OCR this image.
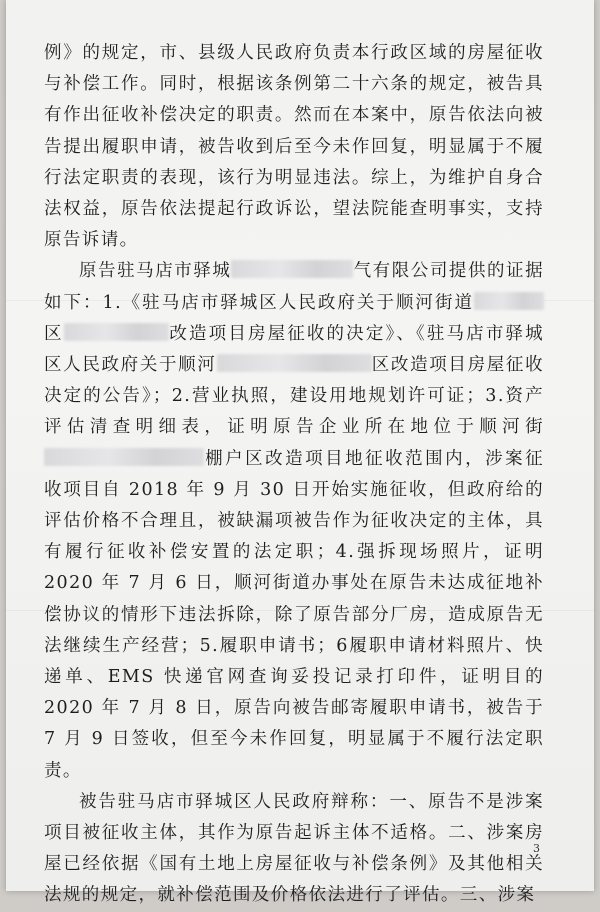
例》的规定，市、县级人民政府负责本行政区域的房屋征收与补偿工作。同时，根据该条例第二十六条的规定，被告具有作出征收补偿决定的职责。然而在本案中，原告依法向被告提出履职申请，被告收到后至今未作回复，明显属于不履行法定职责的表现，该行为明显违法。综上，为维护自身合法权益，原告依法提起行政诉讼，望法院能查明事实，支持原告诉请。

原告驻马店市驿城	气有限公司提供的证据如下：1.《驻马店市驿城区人民政府关于顺河街道区	改造项目房屋征收的决定》、《驻马店市驿城区人民政府关于顺河	区改造项目房屋征收决定的公告》；2.营业执照，建设用地规划许可证；3.资产评估清查明细表，证明原告企业所在地位于顺河街棚户区改造项目地征收范围内，涉案征收项目自 2018 年 9 月 30 日开始实施征收，但政府给的评估价格不合理且，被缺漏项被告作为征收决定的主体，具有履行征收补偿安置的法定职；4.强拆现场照片，证明 2020 年 7 月 6 日，顺河街道办事处在原告未达成征地补偿协议的情形下违法拆除，除了原告部分厂房，造成原告无法继续生产经营；5.履职申请书；6履职申请材料照片、快递单、EMS 快递官网查询妥投记录打印件，证明目的 2020 年 7 月 8 日，原告向被告邮寄履职申请书，被告于 7 月 9 日签收，但至今未作回复，明显属于不履行法定职责。

被告驻马店市驿城区人民政府辩称：一、原告不是涉案项目被征收主体，其作为原告起诉主体不适格。二、涉案房屋已经依据《国有土地上房屋征收与补偿条例》及其他相关法规的规定，就补偿范围及价格依法进行了评估。三、涉案

3
